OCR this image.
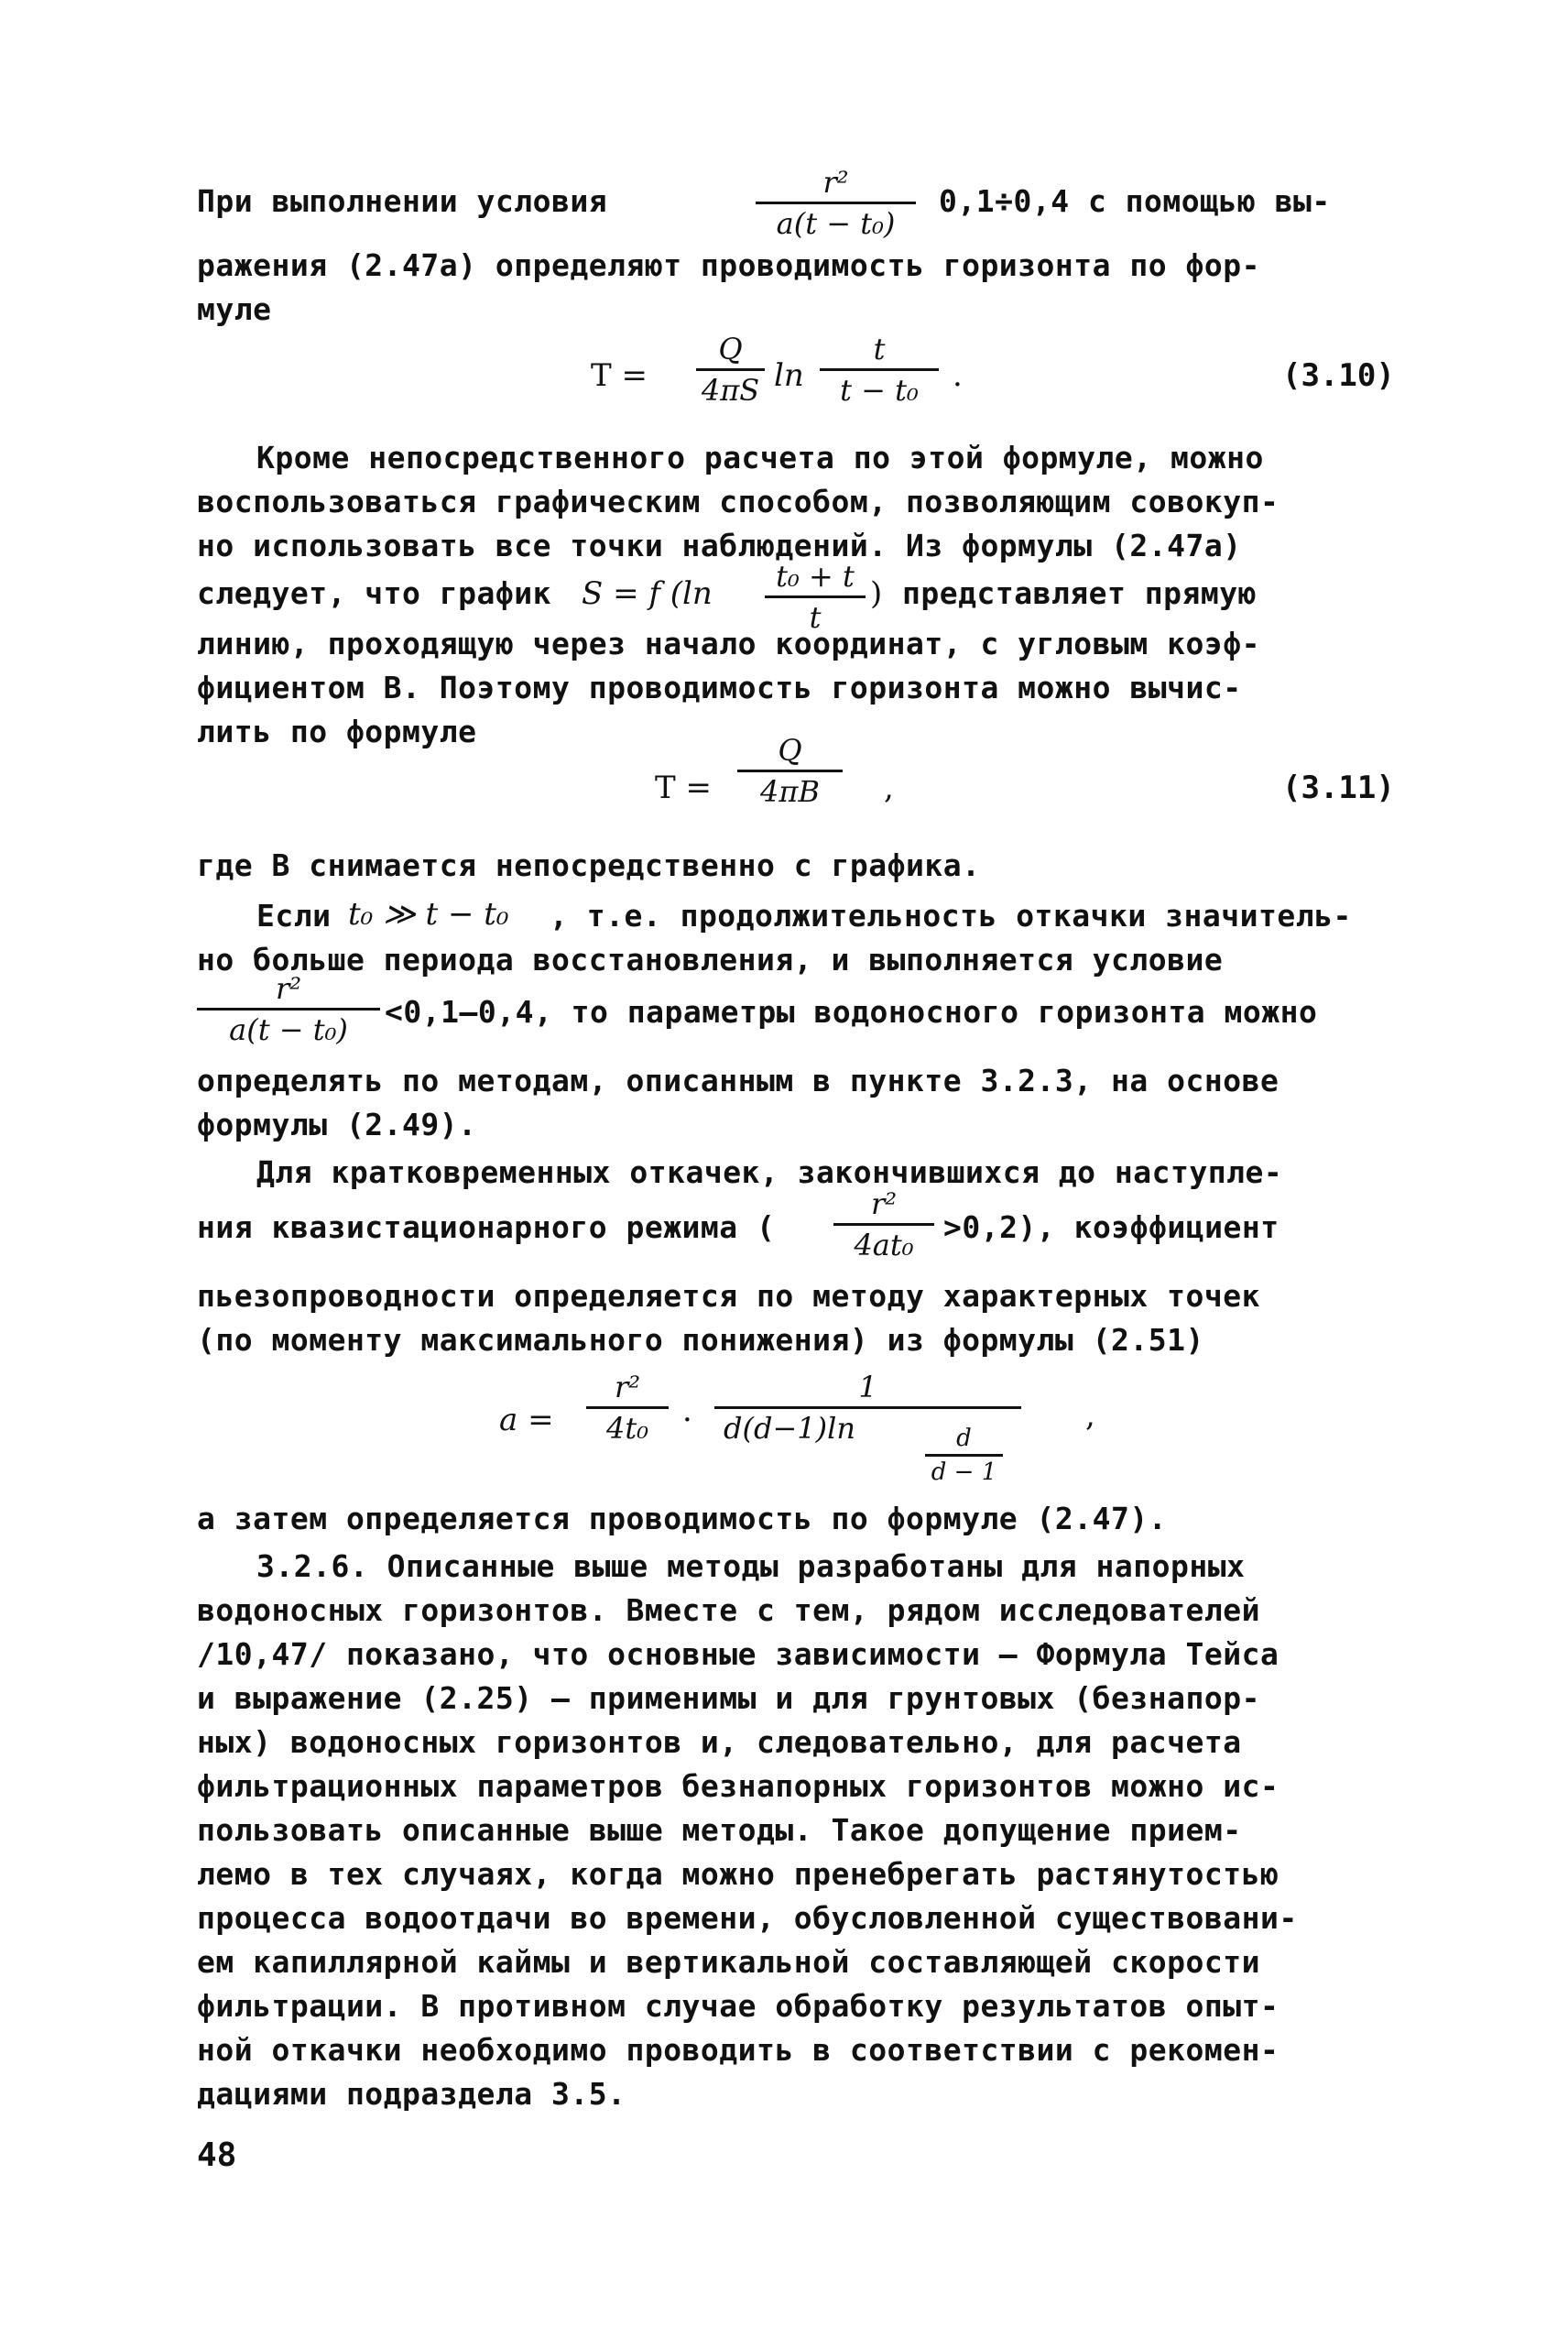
При выполнении условия
r²
a(t − t₀)
0,1÷0,4 с помощью вы-
ражения (2.47а) определяют проводимость горизонта по фор-
муле
T =
Q
4πS ln
t
t − t₀	.	(3.10)
Кроме непосредственного расчета по этой формуле, можно
воспользоваться графическим способом, позволяющим совокуп-
но использовать все точки наблюдений. Из формулы (2.47а)
следует, что график S = f (ln	t₀ + t
t
) представляет прямую
линию, проходящую через начало координат, с угловым коэф-
фициентом В. Поэтому проводимость горизонта можно вычис-
лить по формуле
T =
Q
4πB	,	(3.11)
где В снимается непосредственно с графика.
Если t₀ ≫ t − t₀ , т.е. продолжительность откачки значитель-
но больше периода восстановления, и выполняется условие
r²
a(t − t₀)	<0,1–0,4, то параметры водоносного горизонта можно
определять по методам, описанным в пункте 3.2.3, на основе
формулы (2.49).
Для кратковременных откачек, закончившихся до наступле-
ния квазистационарного режима (
r²
4at₀ >0,2), коэффициент
пьезопроводности определяется по методу характерных точек
(по моменту максимального понижения) из формулы (2.51)
a =
r²
4t₀	·
1
d(d−1)ln	d
d − 1
,
а затем определяется проводимость по формуле (2.47).
3.2.6. Описанные выше методы разработаны для напорных
водоносных горизонтов. Вместе с тем, рядом исследователей
/10,47/ показано, что основные зависимости – Формула Тейса
и выражение (2.25) – применимы и для грунтовых (безнапор-
ных) водоносных горизонтов и, следовательно, для расчета
фильтрационных параметров безнапорных горизонтов можно ис-
пользовать описанные выше методы. Такое допущение прием-
лемо в тех случаях, когда можно пренебрегать растянутостью
процесса водоотдачи во времени, обусловленной существовани-
ем капиллярной каймы и вертикальной составляющей скорости
фильтрации. В противном случае обработку результатов опыт-
ной откачки необходимо проводить в соответствии с рекомен-
дациями подраздела 3.5.
48
